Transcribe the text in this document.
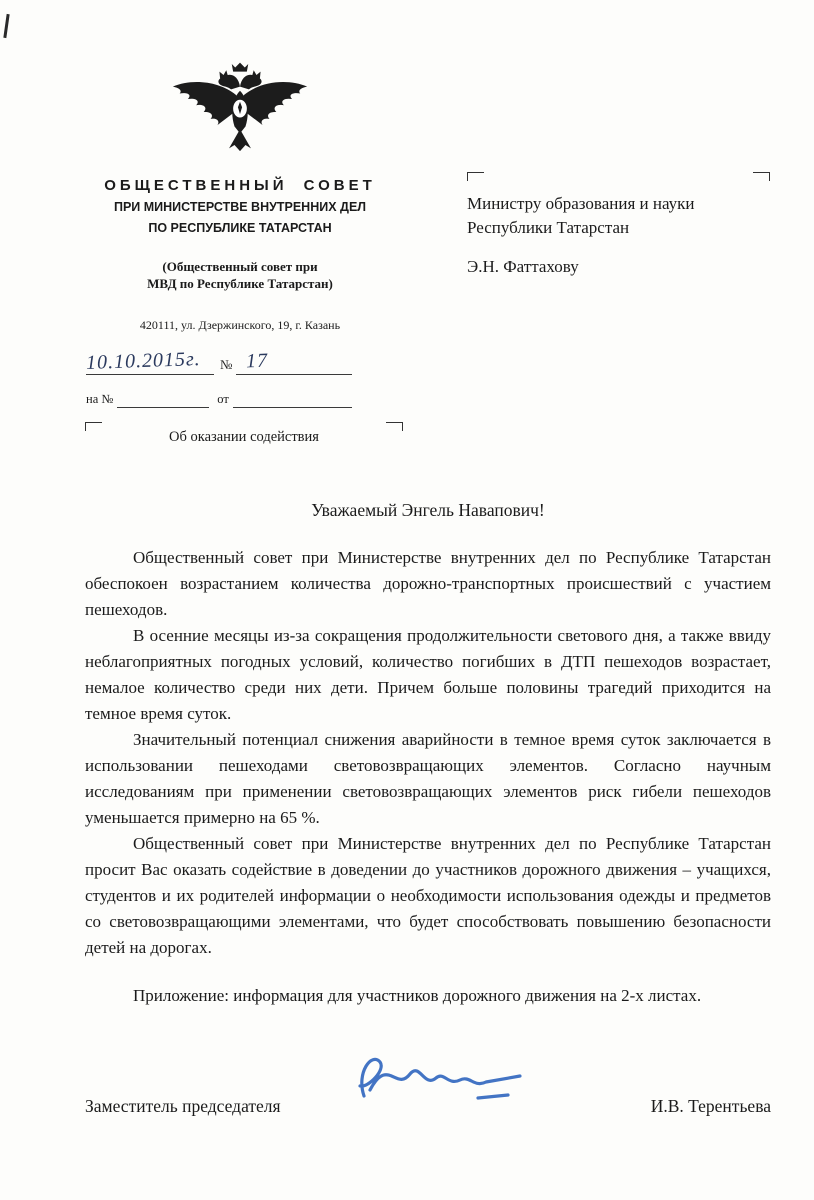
ОБЩЕСТВЕННЫЙ СОВЕТ
ПРИ МИНИСТЕРСТВЕ ВНУТРЕННИХ ДЕЛ
ПО РЕСПУБЛИКЕ ТАТАРСТАН
(Общественный совет при
МВД по Республике Татарстан)
420111, ул. Дзержинского, 19, г. Казань
10.10.2015г.	№ 17
на №	от
Об оказании содействия
Министру образования и науки
Республики Татарстан
Э.Н. Фаттахову
Уважаемый Энгель Навапович!

Общественный совет при Министерстве внутренних дел по Республике Татарстан обеспокоен возрастанием количества дорожно-транспортных происшествий с участием пешеходов.

В осенние месяцы из-за сокращения продолжительности светового дня, а также ввиду неблагоприятных погодных условий, количество погибших в ДТП пешеходов возрастает, немалое количество среди них дети. Причем больше половины трагедий приходится на темное время суток.

Значительный потенциал снижения аварийности в темное время суток заключается в использовании пешеходами световозвращающих элементов. Согласно научным исследованиям при применении световозвращающих элементов риск гибели пешеходов уменьшается примерно на 65 %.

Общественный совет при Министерстве внутренних дел по Республике Татарстан просит Вас оказать содействие в доведении до участников дорожного движения – учащихся, студентов и их родителей информации о необходимости использования одежды и предметов со световозвращающими элементами, что будет способствовать повышению безопасности детей на дорогах.

Приложение: информация для участников дорожного движения на 2-х листах.

Заместитель председателя	И.В. Терентьева
